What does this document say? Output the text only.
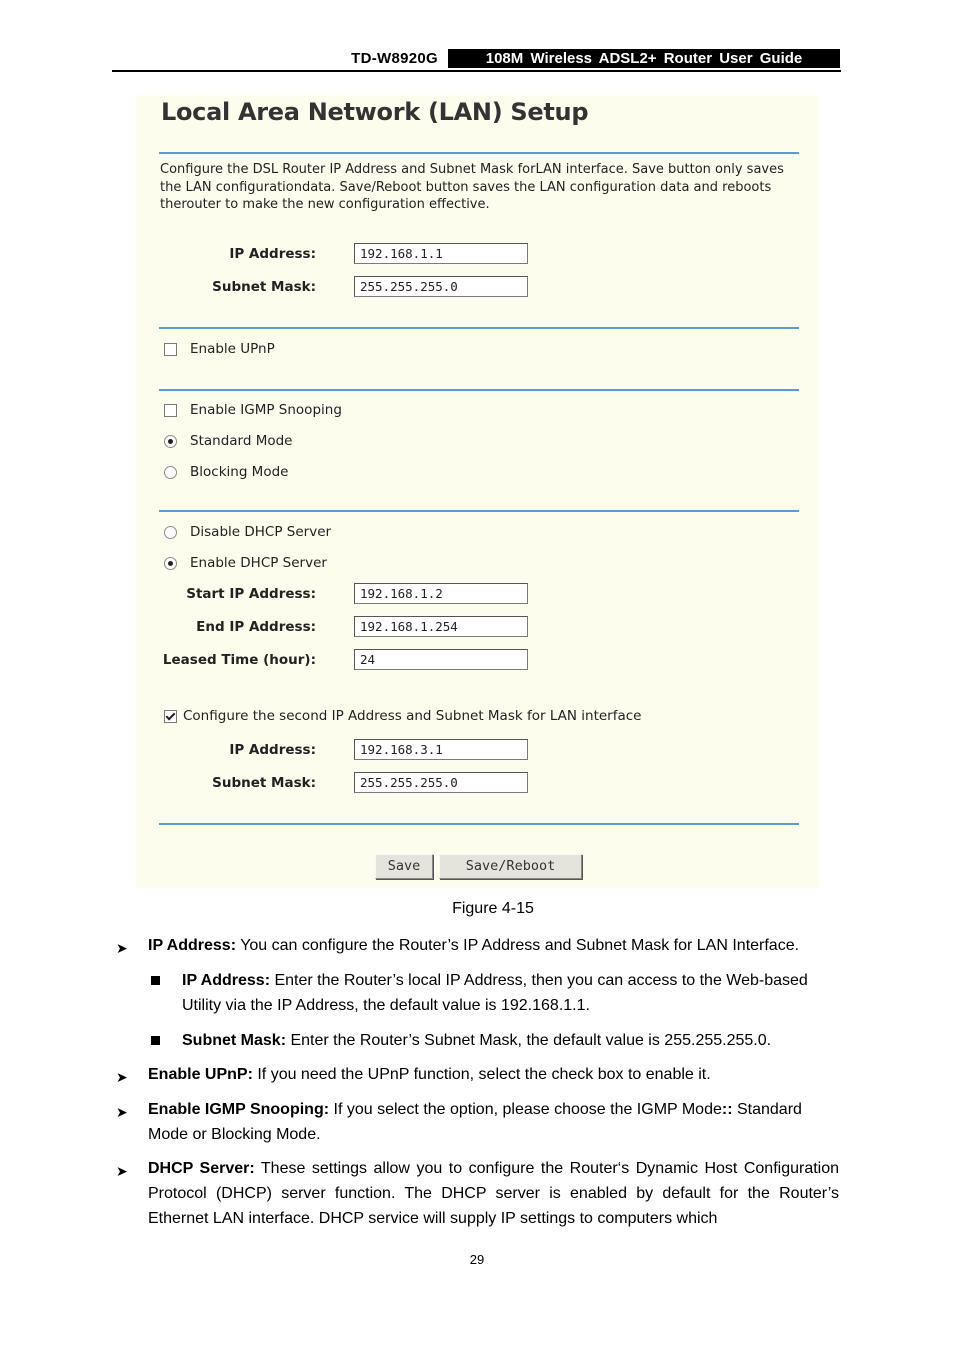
TD-W8920G	108M Wireless ADSL2+ Router User Guide
Local Area Network (LAN) Setup
Configure the DSL Router IP Address and Subnet Mask forLAN interface. Save button only saves the LAN configurationdata. Save/Reboot button saves the LAN configuration data and reboots therouter to make the new configuration effective.
IP Address:	192.168.1.1
Subnet Mask:	255.255.255.0
Enable UPnP
Enable IGMP Snooping
Standard Mode
Blocking Mode
Disable DHCP Server
Enable DHCP Server
Start IP Address:	192.168.1.2
End IP Address:	192.168.1.254
Leased Time (hour):	24
Configure the second IP Address and Subnet Mask for LAN interface
IP Address:	192.168.3.1
Subnet Mask:	255.255.255.0
Save	Save/Reboot
Figure 4-15
➤ IP Address: You can configure the Router’s IP Address and Subnet Mask for LAN Interface.
IP Address: Enter the Router’s local IP Address, then you can access to the Web-based Utility via the IP Address, the default value is 192.168.1.1.
Subnet Mask: Enter the Router’s Subnet Mask, the default value is 255.255.255.0.
➤ Enable UPnP: If you need the UPnP function, select the check box to enable it.
➤ Enable IGMP Snooping: If you select the option, please choose the IGMP Mode:: Standard Mode or Blocking Mode.
➤ DHCP Server: These settings allow you to configure the Router‘s Dynamic Host Configuration Protocol (DHCP) server function. The DHCP server is enabled by default for the Router’s Ethernet LAN interface. DHCP service will supply IP settings to computers which
29
